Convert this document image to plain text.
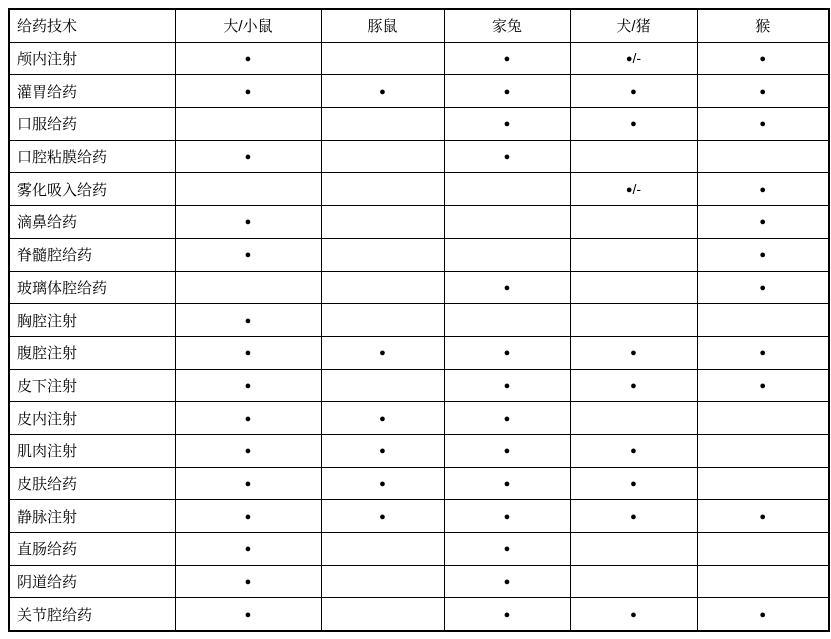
给药技术	大/小鼠	豚鼠	家兔	犬/猪	猴
颅内注射	●		●	●/-	●
灌胃给药	●	●	●	●	●
口服给药			●	●	●
口腔粘膜给药	●		●		
雾化吸入给药				●/-	●
滴鼻给药	●				●
脊髓腔给药	●				●
玻璃体腔给药			●		●
胸腔注射	●				
腹腔注射	●	●	●	●	●
皮下注射	●		●	●	●
皮内注射	●	●	●		
肌肉注射	●	●	●	●	
皮肤给药	●	●	●	●	
静脉注射	●	●	●	●	●
直肠给药	●		●		
阴道给药	●		●		
关节腔给药	●		●	●	●
